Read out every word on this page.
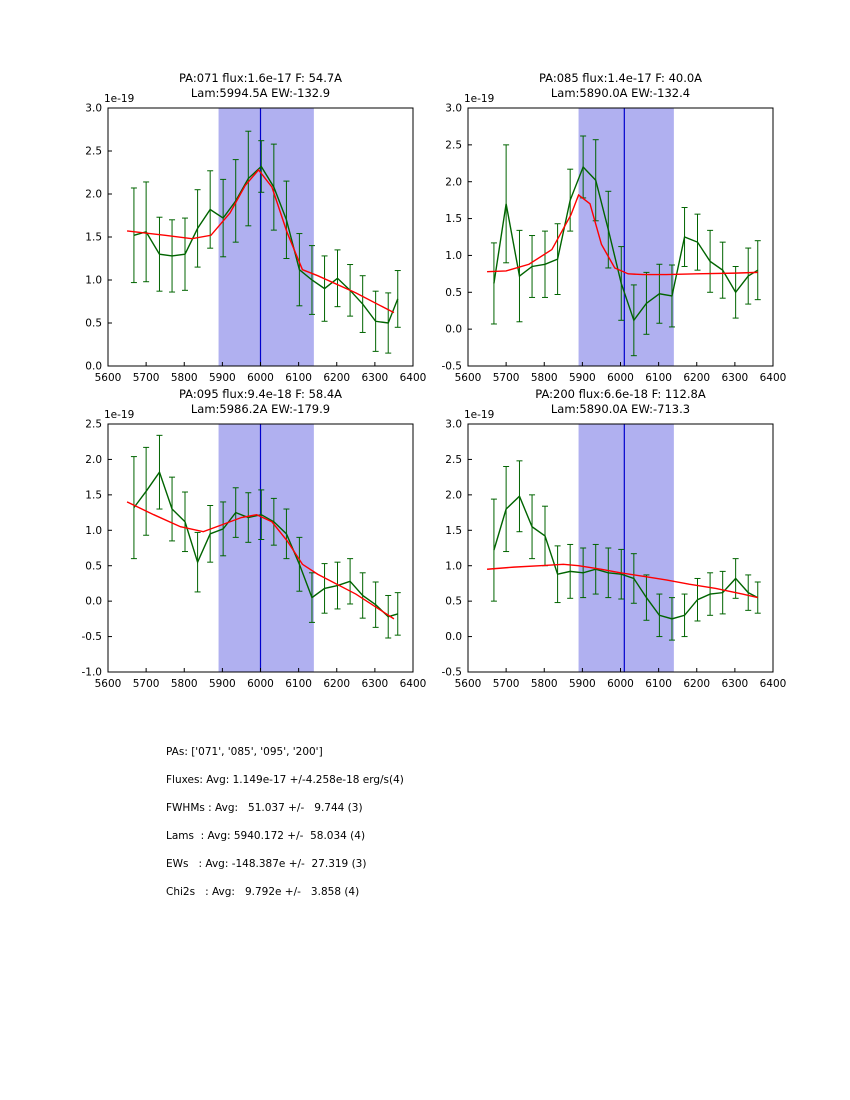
PA:071 flux:1.6e-17 F: 54.7A
Lam:5994.5A EW:-132.9
1e-19
5600 5700 5800 5900 6000 6100 6200 6300 6400
0.0
0.5
1.0
1.5
2.0
2.5
3.0
PA:085 flux:1.4e-17 F: 40.0A
Lam:5890.0A EW:-132.4
1e-19
5600 5700 5800 5900 6000 6100 6200 6300 6400
-0.5
0.0
0.5
1.0
1.5
2.0
2.5
3.0
PA:095 flux:9.4e-18 F: 58.4A
Lam:5986.2A EW:-179.9
1e-19
5600 5700 5800 5900 6000 6100 6200 6300 6400
-1.0
-0.5
0.0
0.5
1.0
1.5
2.0
2.5
PA:200 flux:6.6e-18 F: 112.8A
Lam:5890.0A EW:-713.3
1e-19
5600 5700 5800 5900 6000 6100 6200 6300 6400
-0.5
0.0
0.5
1.0
1.5
2.0
2.5
3.0
PAs: ['071', '085', '095', '200']
Fluxes: Avg: 1.149e-17 +/-4.258e-18 erg/s(4)
FWHMs : Avg:   51.037 +/-   9.744 (3)
Lams  : Avg: 5940.172 +/-  58.034 (4)
EWs   : Avg: -148.387e +/-  27.319 (3)
Chi2s   : Avg:   9.792e +/-   3.858 (4)
